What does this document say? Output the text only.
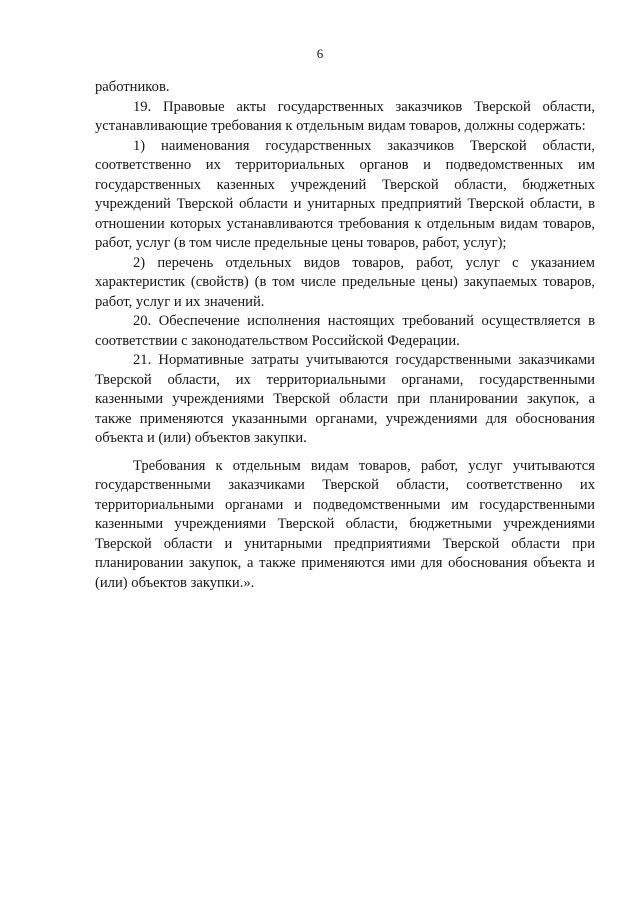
6

работников.

19. Правовые акты государственных заказчиков Тверской области, устанавливающие требования к отдельным видам товаров, должны содержать:

1) наименования государственных заказчиков Тверской области, соответственно их территориальных органов и подведомственных им государственных казенных учреждений Тверской области, бюджетных учреждений Тверской области и унитарных предприятий Тверской области, в отношении которых устанавливаются требования к отдельным видам товаров, работ, услуг (в том числе предельные цены товаров, работ, услуг);

2) перечень отдельных видов товаров, работ, услуг с указанием характеристик (свойств) (в том числе предельные цены) закупаемых товаров, работ, услуг и их значений.

20. Обеспечение исполнения настоящих требований осуществляется в соответствии с законодательством Российской Федерации.

21. Нормативные затраты учитываются государственными заказчиками Тверской области, их территориальными органами, государственными казенными учреждениями Тверской области при планировании закупок, а также применяются указанными органами, учреждениями для обоснования объекта и (или) объектов закупки.

Требования к отдельным видам товаров, работ, услуг учитываются государственными заказчиками Тверской области, соответственно их территориальными органами и подведомственными им государственными казенными учреждениями Тверской области, бюджетными учреждениями Тверской области и унитарными предприятиями Тверской области при планировании закупок, а также применяются ими для обоснования объекта и (или) объектов закупки.».
